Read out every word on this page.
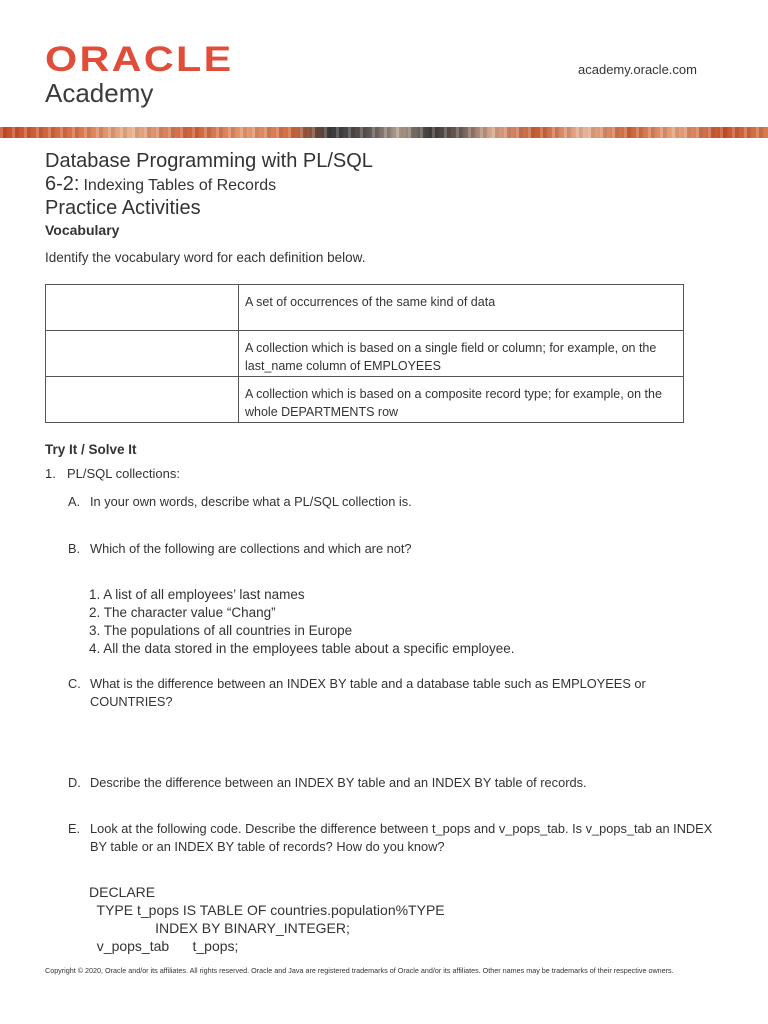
ORACLE
Academy
academy.oracle.com
Database Programming with PL/SQL
6-2: Indexing Tables of Records
Practice Activities
Vocabulary
Identify the vocabulary word for each definition below.
	A set of occurrences of the same kind of data
	A collection which is based on a single field or column; for example, on the last_name column of EMPLOYEES
	A collection which is based on a composite record type; for example, on the whole DEPARTMENTS row
Try It / Solve It
1. PL/SQL collections:
A. In your own words, describe what a PL/SQL collection is.
B. Which of the following are collections and which are not?
1. A list of all employees’ last names
2. The character value “Chang”
3. The populations of all countries in Europe
4. All the data stored in the employees table about a specific employee.
C. What is the difference between an INDEX BY table and a database table such as EMPLOYEES or COUNTRIES?
D. Describe the difference between an INDEX BY table and an INDEX BY table of records.
E. Look at the following code. Describe the difference between t_pops and v_pops_tab. Is v_pops_tab an INDEX BY table or an INDEX BY table of records? How do you know?
DECLARE
TYPE t_pops IS TABLE OF countries.population%TYPE
INDEX BY BINARY_INTEGER;
v_pops_tab      t_pops;
Copyright © 2020, Oracle and/or its affiliates. All rights reserved. Oracle and Java are registered trademarks of Oracle and/or its affiliates. Other names may be trademarks of their respective owners.
